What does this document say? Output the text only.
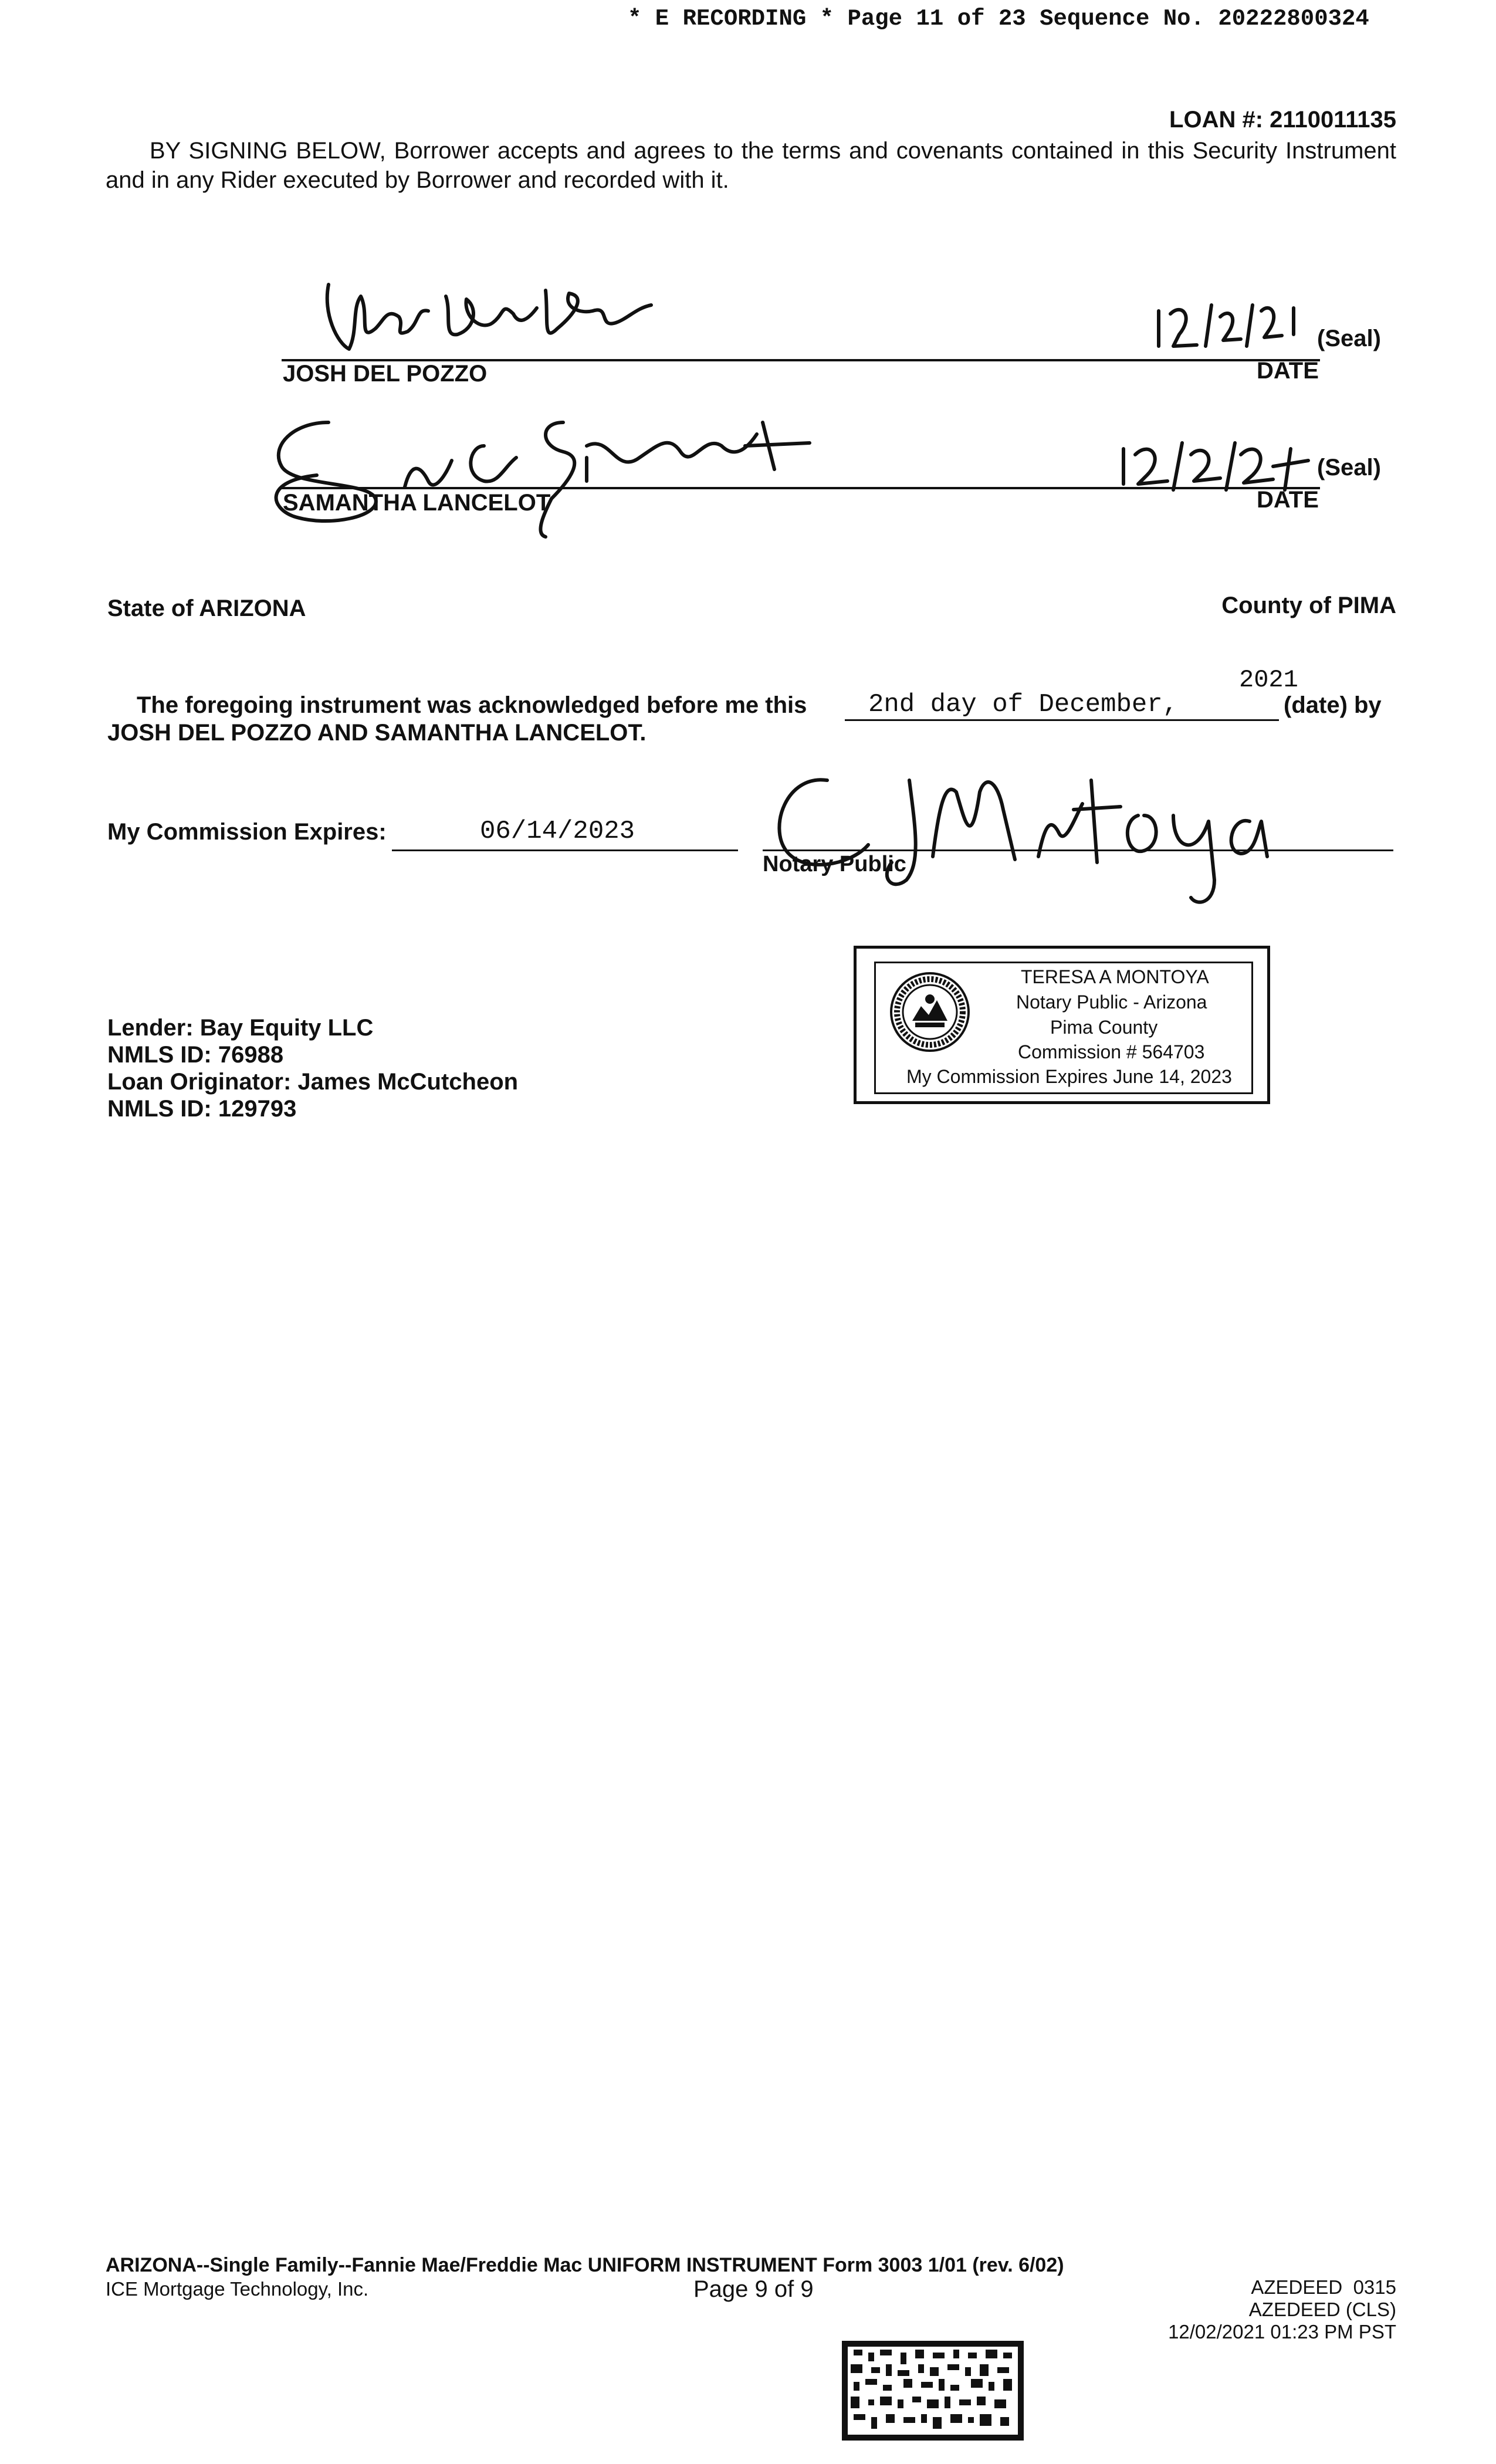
* E RECORDING * Page 11 of 23 Sequence No. 20222800324
LOAN #: 2110011135
BY SIGNING BELOW, Borrower accepts and agrees to the terms and covenants contained in this Security Instrument and in any Rider executed by Borrower and recorded with it.
(Seal)
JOSH DEL POZZO	DATE
(Seal)
SAMANTHA LANCELOT	DATE
State of ARIZONA	County of PIMA
2021
The foregoing instrument was acknowledged before me this 2nd day of December,	(date) by
JOSH DEL POZZO AND SAMANTHA LANCELOT.
My Commission Expires:	06/14/2023
Notary Public
TERESA A MONTOYA
Notary Public - Arizona
Pima County
Commission # 564703
My Commission Expires June 14, 2023
Lender: Bay Equity LLC
NMLS ID: 76988
Loan Originator: James McCutcheon
NMLS ID: 129793
ARIZONA--Single Family--Fannie Mae/Freddie Mac UNIFORM INSTRUMENT Form 3003 1/01 (rev. 6/02)
ICE Mortgage Technology, Inc.	Page 9 of 9	AZEDEED  0315
AZEDEED (CLS)
12/02/2021 01:23 PM PST
